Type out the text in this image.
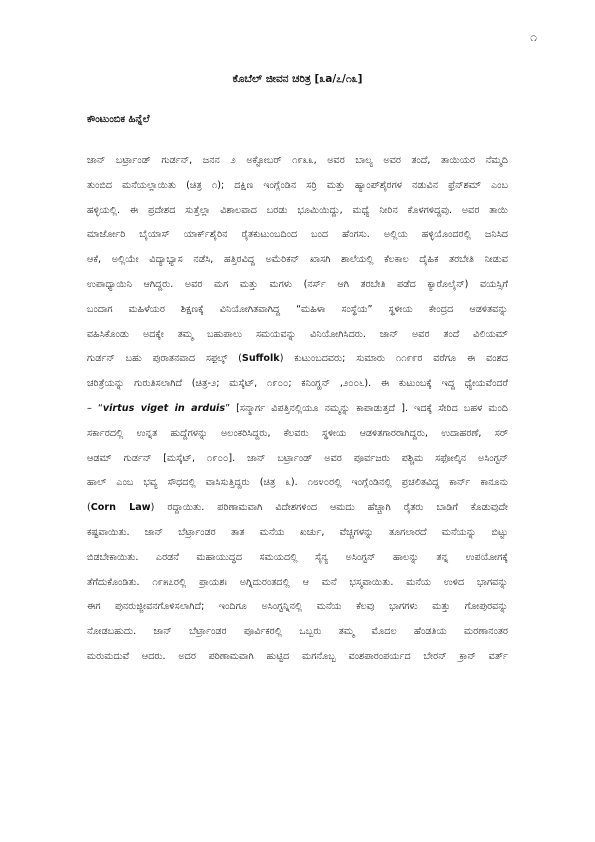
೧
ಕೊಬೆಲ್ ಜೀವನ ಚರಿತ್ರ [೩a/೭/೧೩]
ಕೌಂಟುಂಬಿಕ ಹಿನ್ನೆಲೆ
ಜಾನ್ ಬರ್ಟ್ರಾಂಡ್ ಗುರ್ಡನ್, ಜನನ ೨ ಅಕ್ಟೋಬರ್ ೧೯೩೩, ಅವರ ಬಾಲ್ಯ ಅವರ ತಂದೆ, ತಾಯಿಯರ ನೆಮ್ಮದಿ
ತುಂಬಿದ ಮನೆಯಲ್ಲಾಯಿತು (ಚಿತ್ರ ೧); ದಕ್ಷಿಣ ಇಂಗ್ಲೆಂಡಿನ ಸರ್ರಿ ಮತ್ತು ಹ್ಯಾಂಪ್‌ಶೈರಗಳ ನಡುವಿನ ಫ್ರೆನ್‌ಶಮ್ ಎಂಬ
ಹಳ್ಳಿಯಲ್ಲಿ. ಈ ಪ್ರದೇಶದ ಸುತ್ತೆಲ್ಲಾ ವಿಶಾಲವಾದ ಬರಡು ಭೂಮಿಯಿದ್ದು, ಮಧ್ಯೆ ನೀರಿನ ಕೊಳಗಳಿದ್ದವು. ಅವರ ತಾಯಿ
ಮಾರ್ಜೋರಿ ಬೈಯಾಸ್ ಯಾರ್ಕ್‌ಶೈರಿನ ರೈತಕುಟುಂಬದಿಂದ ಬಂದ ಹೆಂಗಸು. ಅಲ್ಲಿಯ ಹಳ್ಳಿಯೊಂದರಲ್ಲಿ ಜನಿಸಿದ
ಆಕೆ, ಅಲ್ಲಿಯೇ ವಿದ್ಯಾಭ್ಯಾಸ ನಡೆಸಿ, ಹತ್ತಿರವಿದ್ದ ಅಮೆರಿಕನ್ ಖಾಸಗಿ ಶಾಲೆಯಲ್ಲಿ ಕೆಲಕಾಲ ದೈಹಿಕ ತರಬೇತಿ ನೀಡುವ
ಉಪಾಧ್ಯಾಯಿನಿ ಆಗಿದ್ದರು. ಅವರ ಮಗ ಮತ್ತು ಮಗಳು (ನರ್ಸ್ ಆಗಿ ತರಬೇತಿ ಪಡೆದ ಕ್ಯಾರೊಲೈನ್) ವಯಸ್ಸಿಗೆ
ಬಂದಾಗ ಮಹಿಳೆಯರ ಶಿಕ್ಷಣಕ್ಕೆ ವಿನಿಯೋಗಿತವಾಗಿದ್ದ “ಮಹಿಳಾ ಸಂಸ್ಥೆಯ” ಸ್ಥಳೀಯ ಕೇಂದ್ರದ ಆಡಳಿತವನ್ನು
ವಹಿಸಿಕೊಂಡು ಅದಕ್ಕೇ ತಮ್ಮ ಬಹುಪಾಲು ಸಮಯವನ್ನು ವಿನಿಯೋಗಿಸಿದರು. ಜಾನ್ ಅವರ ತಂದೆ ವಿಲಿಯಮ್
ಗುರ್ಡನ್ ಬಹು ಪುರಾತನವಾದ ಸಫ಼ಲ್ಕ್ (Suffolk) ಕುಟುಂಬದವರು; ಸುಮಾರು ೧೧೯೯ರ ವರೆಗೂ ಈ ವಂಶದ
ಚರಿತ್ರೆಯನ್ನು ಗುರುತಿಸಲಾಗಿದೆ (ಚಿತ್ರ-೨; ಮಸ್ಕೆಟ್, ೧೯೦೦; ಕನಿಂಗ್ಹನ್ ,೨೦೦೬). ಈ ಕುಟುಂಬಕ್ಕೆ ಇದ್ದ ಧ್ಯೇಯವೆಂದರೆ
– “virtus viget in arduis” [ಸನ್ಮಾರ್ಗ ವಿಪತ್ತಿನಲ್ಲಿಯೂ ನಮ್ಮನ್ನು ಕಾಪಾಡುತ್ತದೆ ]. ಇದಕ್ಕೆ ಸೇರಿದ ಬಹಳ ಮಂದಿ
ಸರ್ಕಾರದಲ್ಲಿ ಉನ್ನತ ಹುದ್ದೆಗಳನ್ನು ಅಲಂಕರಿಸಿದ್ದರು, ಕೆಲವರು ಸ್ಥಳೀಯ ಆಡಳಿತಗಾರರಾಗಿದ್ದರು, ಉದಾಹರಣೆ, ಸರ್
ಆಡಮ್ ಗುರ್ಡನ್ [ಮಸ್ಕೆಟ್, ೧೯೦೦]. ಜಾನ್ ಬರ್ಟ್ರಾಂಡ್ ಅವರ ಪೂರ್ವಜರು ಪಶ್ಚಿಮ ಸಫೋಲ್ಕಿನ ಅಸಿಂಗ್ಟನ್
ಹಾಲ್ ಎಂಬ ಭವ್ಯ ಸೌಧದಲ್ಲಿ ವಾಸಿಸುತ್ತಿದ್ದರು (ಚಿತ್ರ ೩). ೧೮೪೦ರಲ್ಲಿ ಇಂಗ್ಲೆಂಡಿನಲ್ಲಿ ಪ್ರಚಲಿತವಿದ್ದ ಕಾರ್ನ್ ಕಾನೂನು
(Corn Law) ರದ್ದಾಯಿತು. ಪರಿಣಾಮವಾಗಿ ವಿದೇಶಗಳಿಂದ ಆಮದು ಹೆಚ್ಚಾಗಿ ರೈತರು ಬಾಡಿಗೆ ಕೊಡುವುದೇ
ಕಷ್ಟವಾಯಿತು. ಜಾನ್ ಬೆರ್ಟ್ರಾಂಡರ ತಾತ ಮನೆಯ ಖರ್ಚು, ವೆಚ್ಚಗಳನ್ನು ತೂಗಲಾರದೆ ಮನೆಯನ್ನು ಬಿಟ್ಟು
ಬಿಡಬೇಕಾಯಿತು. ಎರಡನೆ ಮಹಾಯುದ್ಧದ ಸಮಯದಲ್ಲಿ ಸೈನ್ಯ ಅಸಿಂಗ್ಟನ್ ಹಾಲನ್ನು ತನ್ನ ಉಪಯೋಗಕ್ಕೆ
ತೆಗೆದುಕೊಂಡಿತು. ೧೯೫೭ರಲ್ಲಿ ಪ್ರಾಯಶಃ ಅಗ್ನಿದುರಂತದಲ್ಲಿ ಆ ಮನೆ ಭಸ್ಮವಾಯಿತು. ಮನೆಯ ಉಳಿದ ಭಾಗವನ್ನು
ಈಗ ಪುನರುಜ್ಜೀವನಗೊಳಿಸಲಾಗಿದೆ; ಇಂದಿಗೂ ಅಸಿಂಗ್ಟನ್ನಿನಲ್ಲಿ ಮನೆಯ ಕೆಲವು ಭಾಗಗಳು ಮತ್ತು ಗೋಪುರವನ್ನು
ನೋಡಬಹುದು. ಜಾನ್ ಬೆರ್ಟ್ರಾಂಡರ ಪೂರ್ವಿಕರಲ್ಲಿ ಒಬ್ಬರು ತಮ್ಮ ಮೊದಲ ಹೆಂಡತಿಯ ಮರಣಾನಂತರ
ಮರುಮದುವೆ ಆದರು. ಅದರ ಪರಿಣಾಮವಾಗಿ ಹುಟ್ಟಿದ ಮಗನೊಬ್ಬ ವಂಶಪಾರಂಪರ್ಯದ ಬೇರನ್ ಕ್ರಾನ್ ವರ್ತ್
